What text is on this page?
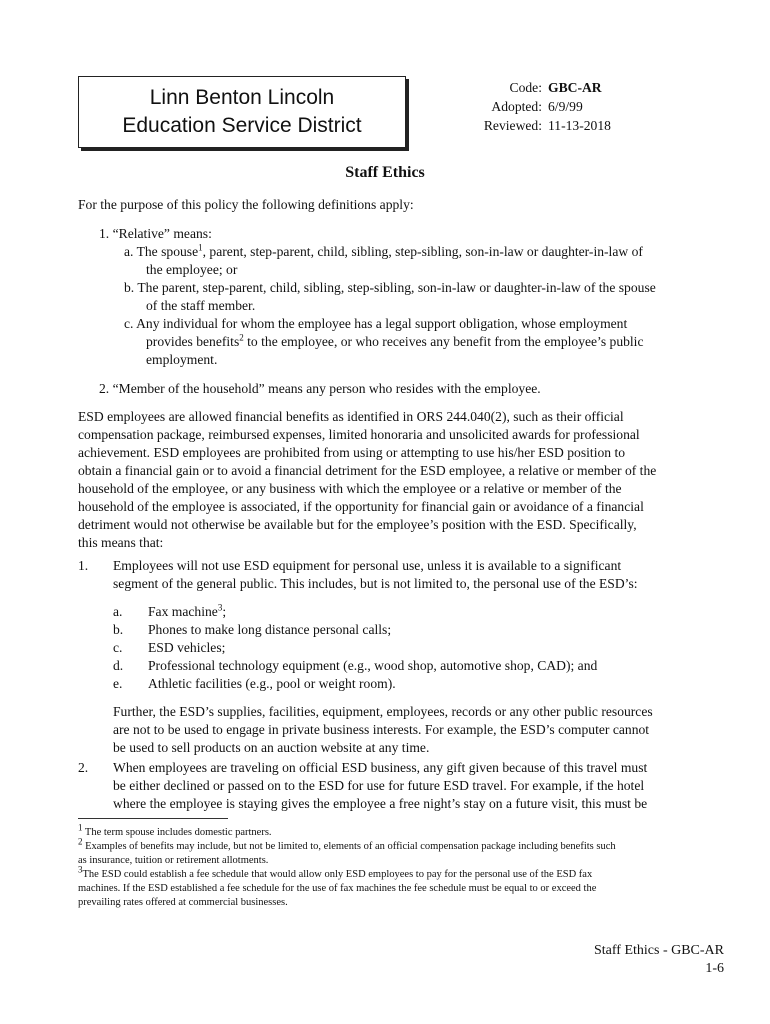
Linn Benton Lincoln
Education Service District
Code: GBC-AR
Adopted: 6/9/99
Reviewed: 11-13-2018
Staff Ethics
For the purpose of this policy the following definitions apply:
1. “Relative” means:
a. The spouse$^1$, parent, step-parent, child, sibling, step-sibling, son-in-law or daughter-in-law of
the employee; or
b. The parent, step-parent, child, sibling, step-sibling, son-in-law or daughter-in-law of the spouse
of the staff member.
c. Any individual for whom the employee has a legal support obligation, whose employment
provides benefits$^2$ to the employee, or who receives any benefit from the employee’s public
employment.
2. “Member of the household” means any person who resides with the employee.
ESD employees are allowed financial benefits as identified in ORS 244.040(2), such as their official
compensation package, reimbursed expenses, limited honoraria and unsolicited awards for professional
achievement. ESD employees are prohibited from using or attempting to use his/her ESD position to
obtain a financial gain or to avoid a financial detriment for the ESD employee, a relative or member of the
household of the employee, or any business with which the employee or a relative or member of the
household of the employee is associated, if the opportunity for financial gain or avoidance of a financial
detriment would not otherwise be available but for the employee’s position with the ESD. Specifically,
this means that:
1. Employees will not use ESD equipment for personal use, unless it is available to a significant
segment of the general public. This includes, but is not limited to, the personal use of the ESD’s:
a. Fax machine$^3$;
b. Phones to make long distance personal calls;
c. ESD vehicles;
d. Professional technology equipment (e.g., wood shop, automotive shop, CAD); and
e. Athletic facilities (e.g., pool or weight room).
Further, the ESD’s supplies, facilities, equipment, employees, records or any other public resources
are not to be used to engage in private business interests. For example, the ESD’s computer cannot
be used to sell products on an auction website at any time.
2. When employees are traveling on official ESD business, any gift given because of this travel must
be either declined or passed on to the ESD for use for future ESD travel. For example, if the hotel
where the employee is staying gives the employee a free night’s stay on a future visit, this must be
$^1$ The term spouse includes domestic partners.
$^2$ Examples of benefits may include, but not be limited to, elements of an official compensation package including benefits such
as insurance, tuition or retirement allotments.
$^3$The ESD could establish a fee schedule that would allow only ESD employees to pay for the personal use of the ESD fax
machines. If the ESD established a fee schedule for the use of fax machines the fee schedule must be equal to or exceed the
prevailing rates offered at commercial businesses.
Staff Ethics - GBC-AR
1-6
